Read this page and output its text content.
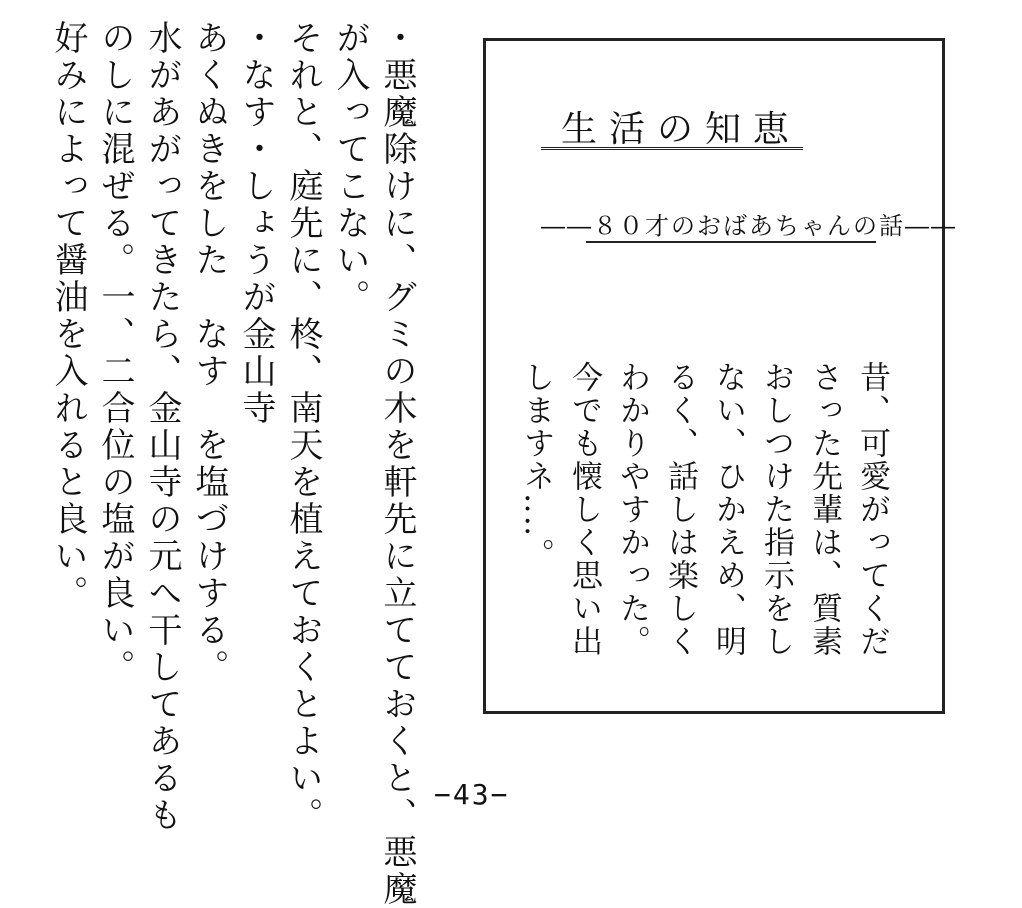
・悪魔除けに、グミの木を軒先に立てておくと、悪魔
が入ってこない。
それと、庭先に、柊、南天を植えておくとよい。
・なす・しょうが金山寺
あくぬきをした　なす　を塩づけする。
水があがってきたら、金山寺の元へ干してあるも
のしに混ぜる。一、二合位の塩が良い。
好みによって醤油を入れると良い。	生活の知恵
――８０才のおばあちゃんの話――
昔、可愛がってくだ
さった先輩は、質素
おしつけた指示をし
ない、ひかえめ、明
るく、話しは楽しく
わかりやすかった。
今でも懐しく思い出
しますネ‥‥。
−43−
